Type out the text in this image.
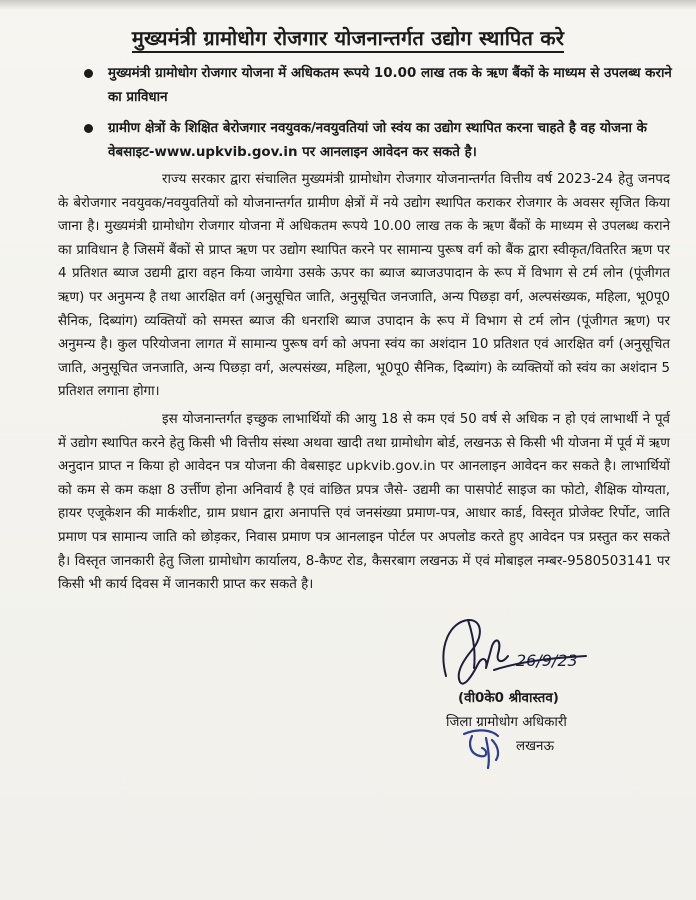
मुख्यमंत्री ग्रामोधोग रोजगार योजनान्तर्गत उद्योग स्थापित करे
मुख्यमंत्री ग्रामोधोग रोजगार योजना में अधिकतम रूपये 10.00 लाख तक के ऋण बैंकों के माध्यम से उपलब्ध कराने का प्राविधान
ग्रामीण क्षेत्रों के शिक्षित बेरोजगार नवयुवक/नवयुवतियां जो स्वंय का उद्योग स्थापित करना चाहते है वह योजना के वेबसाइट-www.upkvib.gov.in पर आनलाइन आवेदन कर सकते है।

राज्य सरकार द्वारा संचालित मुख्यमंत्री ग्रामोधोग रोजगार योजनान्तर्गत वित्तीय वर्ष 2023-24 हेतु जनपद के बेरोजगार नवयुवक/नवयुवतियों को योजनान्तर्गत ग्रामीण क्षेत्रों में नये उद्योग स्थापित कराकर रोजगार के अवसर सृजित किया जाना है। मुख्यमंत्री ग्रामोधोग रोजगार योजना में अधिकतम रूपये 10.00 लाख तक के ऋण बैंकों के माध्यम से उपलब्ध कराने का प्राविधान है जिसमें बैंकों से प्राप्त ऋण पर उद्योग स्थापित करने पर सामान्य पुरूष वर्ग को बैंक द्वारा स्वीकृत/वितरित ऋण पर 4 प्रतिशत ब्याज उद्यमी द्वारा वहन किया जायेगा उसके ऊपर का ब्याज ब्याजउपादान के रूप में विभाग से टर्म लोन (पूंजीगत ऋण) पर अनुमन्य है तथा आरक्षित वर्ग (अनुसूचित जाति, अनुसूचित जनजाति, अन्य पिछड़ा वर्ग, अल्पसंख्यक, महिला, भू0पू0 सैनिक, दिब्यांग) व्यक्तियों को समस्त ब्याज की धनराशि ब्याज उपादान के रूप में विभाग से टर्म लोन (पूंजीगत ऋण) पर अनुमन्य है। कुल परियोजना लागत में सामान्य पुरूष वर्ग को अपना स्वंय का अशंदान 10 प्रतिशत एवं आरक्षित वर्ग (अनुसूचित जाति, अनुसूचित जनजाति, अन्य पिछड़ा वर्ग, अल्पसंख्य, महिला, भू0पू0 सैनिक, दिब्यांग) के व्यक्तियों को स्वंय का अशंदान 5 प्रतिशत लगाना होगा।

इस योजनान्तर्गत इच्छुक लाभार्थियों की आयु 18 से कम एवं 50 वर्ष से अधिक न हो एवं लाभार्थी ने पूर्व में उद्योग स्थापित करने हेतु किसी भी वित्तीय संस्था अथवा खादी तथा ग्रामोधोग बोर्ड, लखनऊ से किसी भी योजना में पूर्व में ऋण अनुदान प्राप्त न किया हो आवेदन पत्र योजना की वेबसाइट upkvib.gov.in पर आनलाइन आवेदन कर सकते है। लाभार्थियों को कम से कम कक्षा 8 उर्त्तीण होना अनिवार्य है एवं वांछित प्रपत्र जैसे- उद्यमी का पासपोर्ट साइज का फोटो, शैक्षिक योग्यता, हायर एजूकेशन की मार्कशीट, ग्राम प्रधान द्वारा अनापत्ति एवं जनसंख्या प्रमाण-पत्र, आधार कार्ड, विस्तृत प्रोजेक्ट रिर्पोट, जाति प्रमाण पत्र सामान्य जाति को छोड़कर, निवास प्रमाण पत्र आनलाइन पोर्टल पर अपलोड करते हुए आवेदन पत्र प्रस्तुत कर सकते है। विस्तृत जानकारी हेतु जिला ग्रामोधोग कार्यालय, 8-कैण्ट रोड, कैसरबाग लखनऊ में एवं मोबाइल नम्बर-9580503141 पर किसी भी कार्य दिवस में जानकारी प्राप्त कर सकते है।

26/9/23
(वी0के0 श्रीवास्तव)
जिला ग्रामोधोग अधिकारी
लखनऊ
